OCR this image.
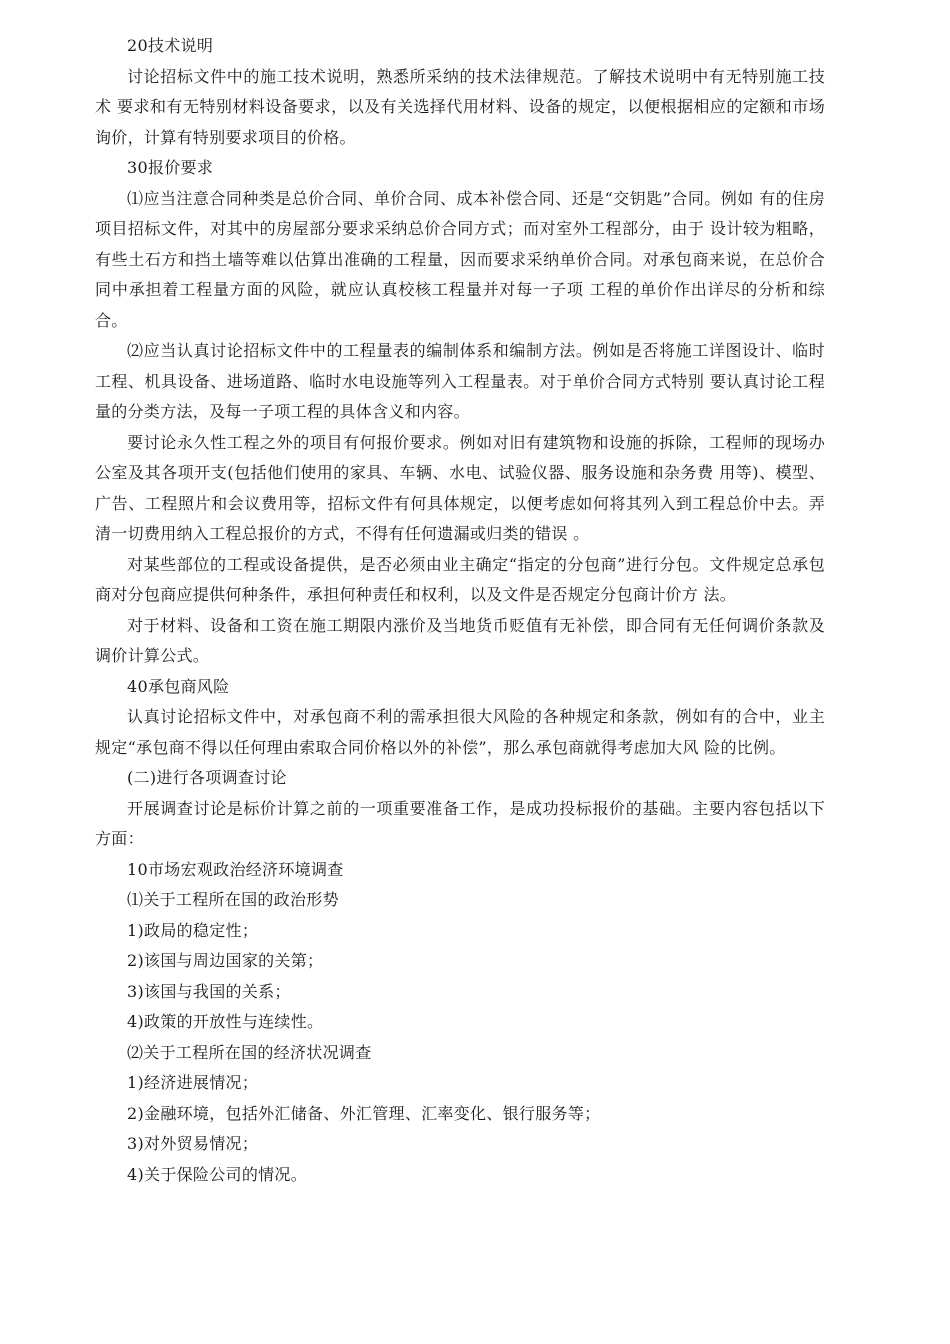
20技术说明

讨论招标文件中的施工技术说明，熟悉所采纳的技术法律规范。了解技术说明中有无特别施工技术 要求和有无特别材料设备要求，以及有关选择代用材料、设备的规定，以便根据相应的定额和市场询价，计算有特别要求项目的价格。

30报价要求

⑴应当注意合同种类是总价合同、单价合同、成本补偿合同、还是“交钥匙”合同。例如 有的住房项目招标文件，对其中的房屋部分要求采纳总价合同方式；而对室外工程部分，由于 设计较为粗略，有些土石方和挡土墙等难以估算出准确的工程量，因而要求采纳单价合同。对承包商来说，在总价合同中承担着工程量方面的风险，就应认真校核工程量并对每一子项 工程的单价作出详尽的分析和综合。

⑵应当认真讨论招标文件中的工程量表的编制体系和编制方法。例如是否将施工详图设计、临时工程、机具设备、进场道路、临时水电设施等列入工程量表。对于单价合同方式特别 要认真讨论工程量的分类方法，及每一子项工程的具体含义和内容。

要讨论永久性工程之外的项目有何报价要求。例如对旧有建筑物和设施的拆除，工程师的现场办公室及其各项开支(包括他们使用的家具、车辆、水电、试验仪器、服务设施和杂务费 用等)、模型、广告、工程照片和会议费用等，招标文件有何具体规定，以便考虑如何将其列入到工程总价中去。弄清一切费用纳入工程总报价的方式，不得有任何遗漏或归类的错误 。

对某些部位的工程或设备提供，是否必须由业主确定“指定的分包商”进行分包。文件规定总承包商对分包商应提供何种条件，承担何种责任和权利，以及文件是否规定分包商计价方 法。

对于材料、设备和工资在施工期限内涨价及当地货币贬值有无补偿，即合同有无任何调价条款及调价计算公式。

40承包商风险

认真讨论招标文件中，对承包商不利的需承担很大风险的各种规定和条款，例如有的合中，业主规定“承包商不得以任何理由索取合同价格以外的补偿”，那么承包商就得考虑加大风 险的比例。

(二)进行各项调查讨论

开展调查讨论是标价计算之前的一项重要准备工作，是成功投标报价的基础。主要内容包括以下方面：

10市场宏观政治经济环境调查

⑴关于工程所在国的政治形势

1)政局的稳定性；

2)该国与周边国家的关第；

3)该国与我国的关系；

4)政策的开放性与连续性。

⑵关于工程所在国的经济状况调查

1)经济进展情况；

2)金融环境，包括外汇储备、外汇管理、汇率变化、银行服务等；

3)对外贸易情况；

4)关于保险公司的情况。
